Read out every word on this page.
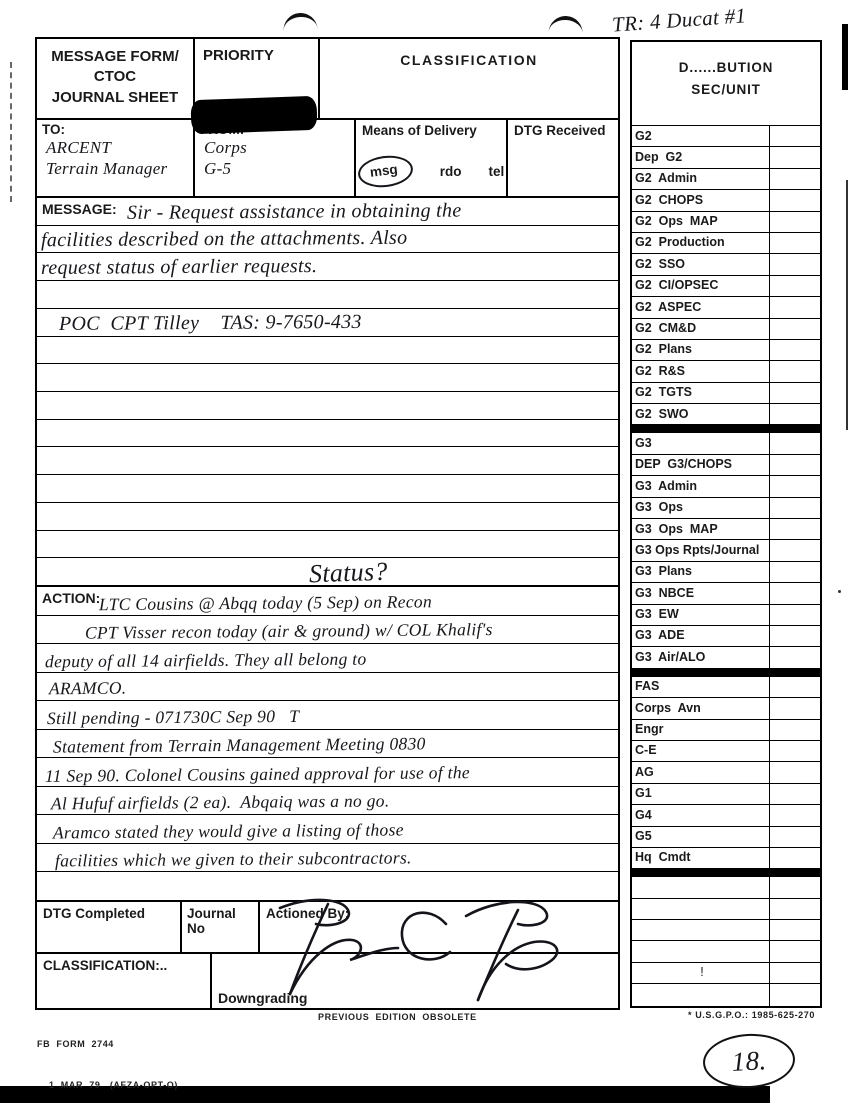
TR: 4 Ducat #1
MESSAGE FORM/
CTOC
JOURNAL SHEET
PRIORITY	CLASSIFICATION
TO:
ARCENT
Terrain Manager
Corps
G-5
Means of Delivery
msg	rdo tel
DTG Received
MESSAGE:
Status?
Sir - Request assistance in obtaining the
facilities described on the attachments. Also
request status of earlier requests.
POC  CPT Tilley    TAS: 9-7650-433
ACTION:
LTC Cousins @ Abqq today (5 Sep) on Recon
CPT Visser recon today (air & ground) w/ COL Khalif's
deputy of all 14 airfields. They all belong to
ARAMCO.
Still pending - 071730C Sep 90   T
Statement from Terrain Management Meeting 0830
11 Sep 90. Colonel Cousins gained approval for use of the
Al Hufuf airfields (2 ea).  Abqaiq was a no go.
Aramco stated they would give a listing of those
facilities which we given to their subcontractors.
DTG Completed	Journal No
Actioned By:
CLASSIFICATION:..
Downgrading
D......BUTION
SEC/UNIT
G2
Dep  G2
G2  Admin
G2  CHOPS
G2  Ops  MAP
G2  Production
G2  SSO
G2  CI/OPSEC
G2  ASPEC
G2  CM&D
G2  Plans
G2  R&S
G2  TGTS
G2  SWO
G3
DEP  G3/CHOPS
G3  Admin
G3  Ops
G3  Ops  MAP
G3 Ops Rpts/Journal
G3  Plans
G3  NBCE
G3  EW
G3  ADE
G3  Air/ALO
FAS
Corps  Avn
Engr
C-E
AG
G1
G4
G5
Hq  Cmdt
!

FB  FORM  2744

1  MAR  79   (AFZA-OPT-O)

PREVIOUS  EDITION  OBSOLETE	* U.S.G.P.O.: 1985-625-270
18.
